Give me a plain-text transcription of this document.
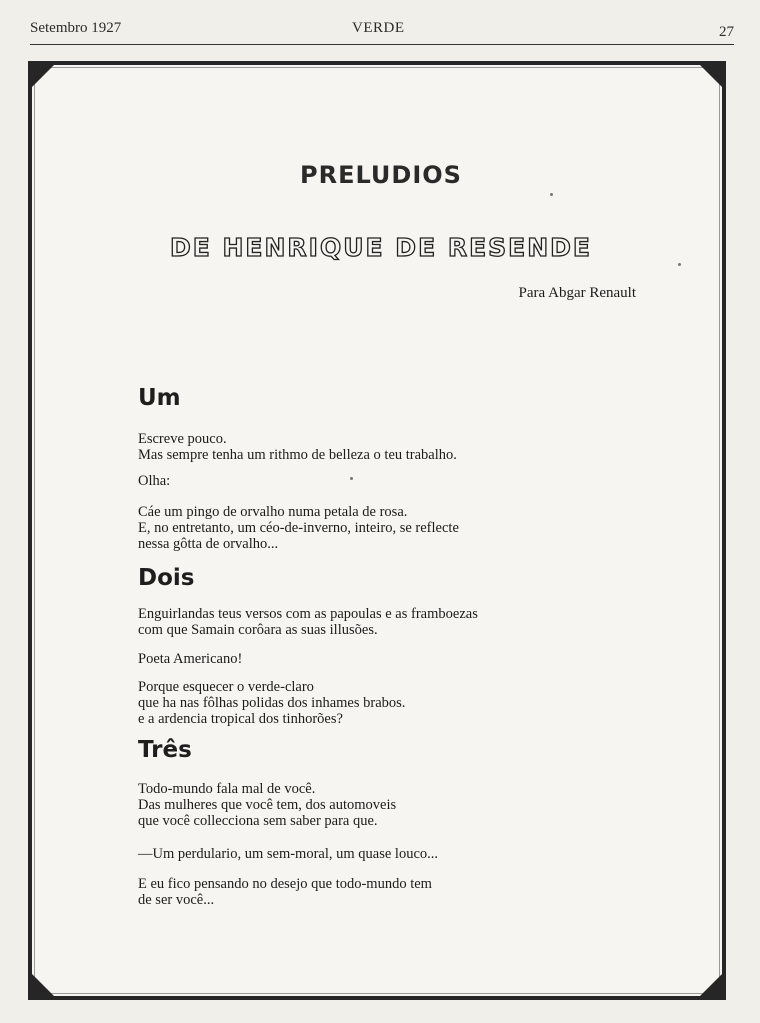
Setembro 1927	VERDE	27
PRELUDIOS
DE HENRIQUE DE RESENDE
Para Abgar Renault
Um
Escreve pouco.
Mas sempre tenha um rithmo de belleza o teu trabalho.
Olha:
Cáe um pingo de orvalho numa petala de rosa.
E, no entretanto, um céo-de-inverno, inteiro, se reflecte
nessa gôtta de orvalho...
Dois
Enguirlandas teus versos com as papoulas e as framboezas
com que Samain corôara as suas illusões.
Poeta Americano!
Porque esquecer o verde-claro
que ha nas fôlhas polidas dos inhames brabos.
e a ardencia tropical dos tinhorões?
Três
Todo-mundo fala mal de você.
Das mulheres que você tem, dos automoveis
que você collecciona sem saber para que.
—Um perdulario, um sem-moral, um quase louco...
E eu fico pensando no desejo que todo-mundo tem
de ser você...
